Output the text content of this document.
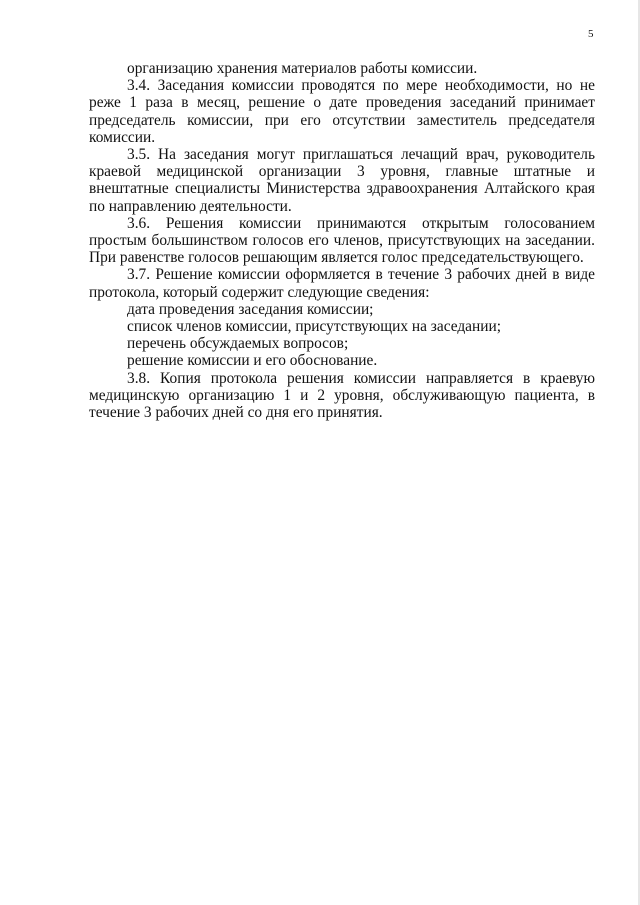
5

организацию хранения материалов работы комиссии.

3.4. Заседания комиссии проводятся по мере необходимости, но не реже 1 раза в месяц, решение о дате проведения заседаний принимает председатель комиссии, при его отсутствии заместитель председателя комиссии.

3.5. На заседания могут приглашаться лечащий врач, руководитель краевой медицинской организации 3 уровня, главные штатные и внештатные специалисты Министерства здравоохранения Алтайского края по направлению деятельности.

3.6. Решения комиссии принимаются открытым голосованием простым большинством голосов его членов, присутствующих на заседании. При равенстве голосов решающим является голос председательствующего.

3.7. Решение комиссии оформляется в течение 3 рабочих дней в виде протокола, который содержит следующие сведения:

дата проведения заседания комиссии;

список членов комиссии, присутствующих на заседании;

перечень обсуждаемых вопросов;

решение комиссии и его обоснование.

3.8. Копия протокола решения комиссии направляется в краевую медицинскую организацию 1 и 2 уровня, обслуживающую пациента, в течение 3 рабочих дней со дня его принятия.
